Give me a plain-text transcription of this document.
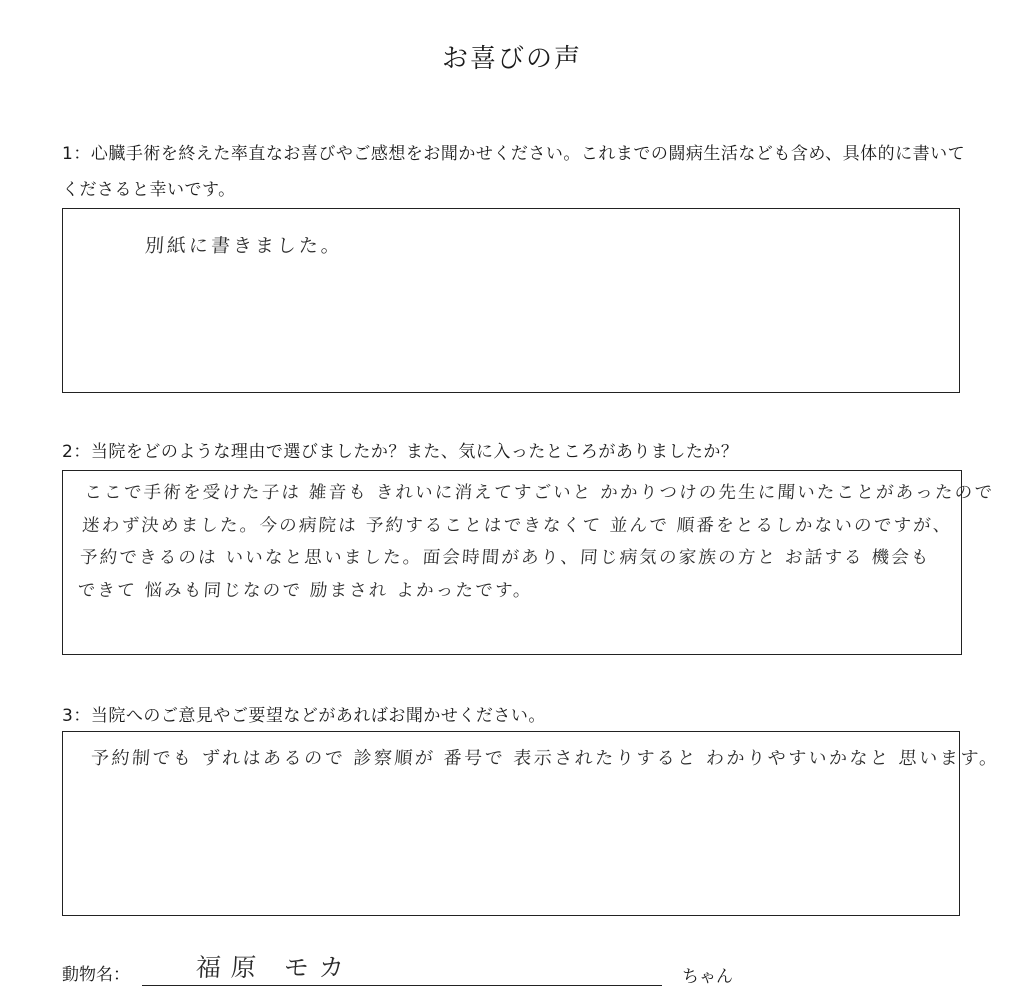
お喜びの声
1：心臓手術を終えた率直なお喜びやご感想をお聞かせください。これまでの闘病生活なども含め、具体的に書いてくださると幸いです。
別紙に書きました。
2：当院をどのような理由で選びましたか？また、気に入ったところがありましたか？
ここで手術を受けた子は 雑音も きれいに消えてすごいと かかりつけの先生に聞いたことがあったので
迷わず決めました。今の病院は 予約することはできなくて 並んで 順番をとるしかないのですが、
予約できるのは いいなと思いました。面会時間があり、同じ病気の家族の方と お話する 機会も
できて 悩みも同じなので 励まされ よかったです。
3：当院へのご意見やご要望などがあればお聞かせください。
予約制でも ずれはあるので 診察順が 番号で 表示されたりすると わかりやすいかなと 思います。
動物名：	福原 モカ	ちゃん
